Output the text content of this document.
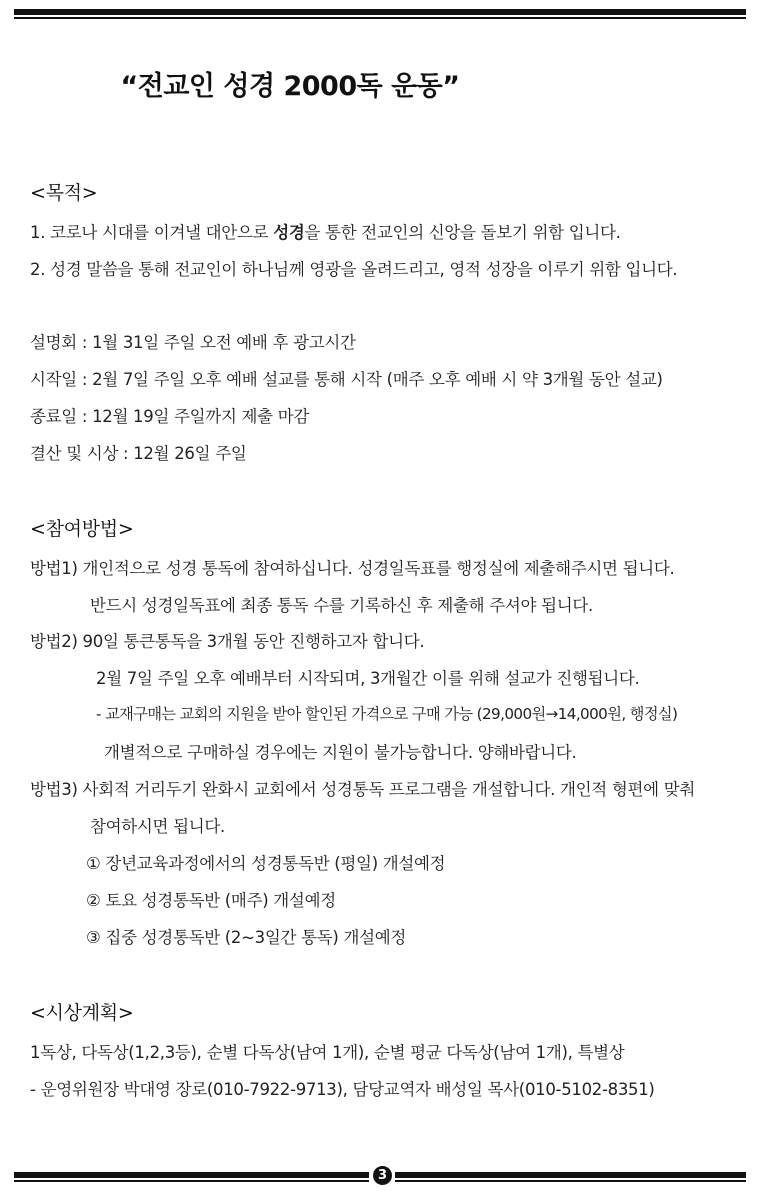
“전교인 성경 2000독 운동”
<목적>
1. 코로나 시대를 이겨낼 대안으로 성경을 통한 전교인의 신앙을 돌보기 위함 입니다.
2. 성경 말씀을 통해 전교인이 하나님께 영광을 올려드리고, 영적 성장을 이루기 위함 입니다.
설명회 : 1월 31일 주일 오전 예배 후 광고시간
시작일 : 2월 7일 주일 오후 예배 설교를 통해 시작 (매주 오후 예배 시 약 3개월 동안 설교)
종료일 : 12월 19일 주일까지 제출 마감
결산 및 시상 : 12월 26일 주일
<참여방법>
방법1) 개인적으로 성경 통독에 참여하십니다. 성경일독표를 행정실에 제출해주시면 됩니다.
반드시 성경일독표에 최종 통독 수를 기록하신 후 제출해 주셔야 됩니다.
방법2) 90일 통큰통독을 3개월 동안 진행하고자 합니다.
2월 7일 주일 오후 예배부터 시작되며, 3개월간 이를 위해 설교가 진행됩니다.
- 교재구매는 교회의 지원을 받아 할인된 가격으로 구매 가능 (29,000원→14,000원, 행정실)
개별적으로 구매하실 경우에는 지원이 불가능합니다. 양해바랍니다.
방법3) 사회적 거리두기 완화시 교회에서 성경통독 프로그램을 개설합니다. 개인적 형편에 맞춰
참여하시면 됩니다.
① 장년교육과정에서의 성경통독반 (평일) 개설예정
② 토요 성경통독반 (매주) 개설예정
③ 집중 성경통독반 (2~3일간 통독) 개설예정
<시상계획>
1독상, 다독상(1,2,3등), 순별 다독상(남여 1개), 순별 평균 다독상(남여 1개), 특별상
- 운영위원장 박대영 장로(010-7922-9713), 담당교역자 배성일 목사(010-5102-8351)
3
